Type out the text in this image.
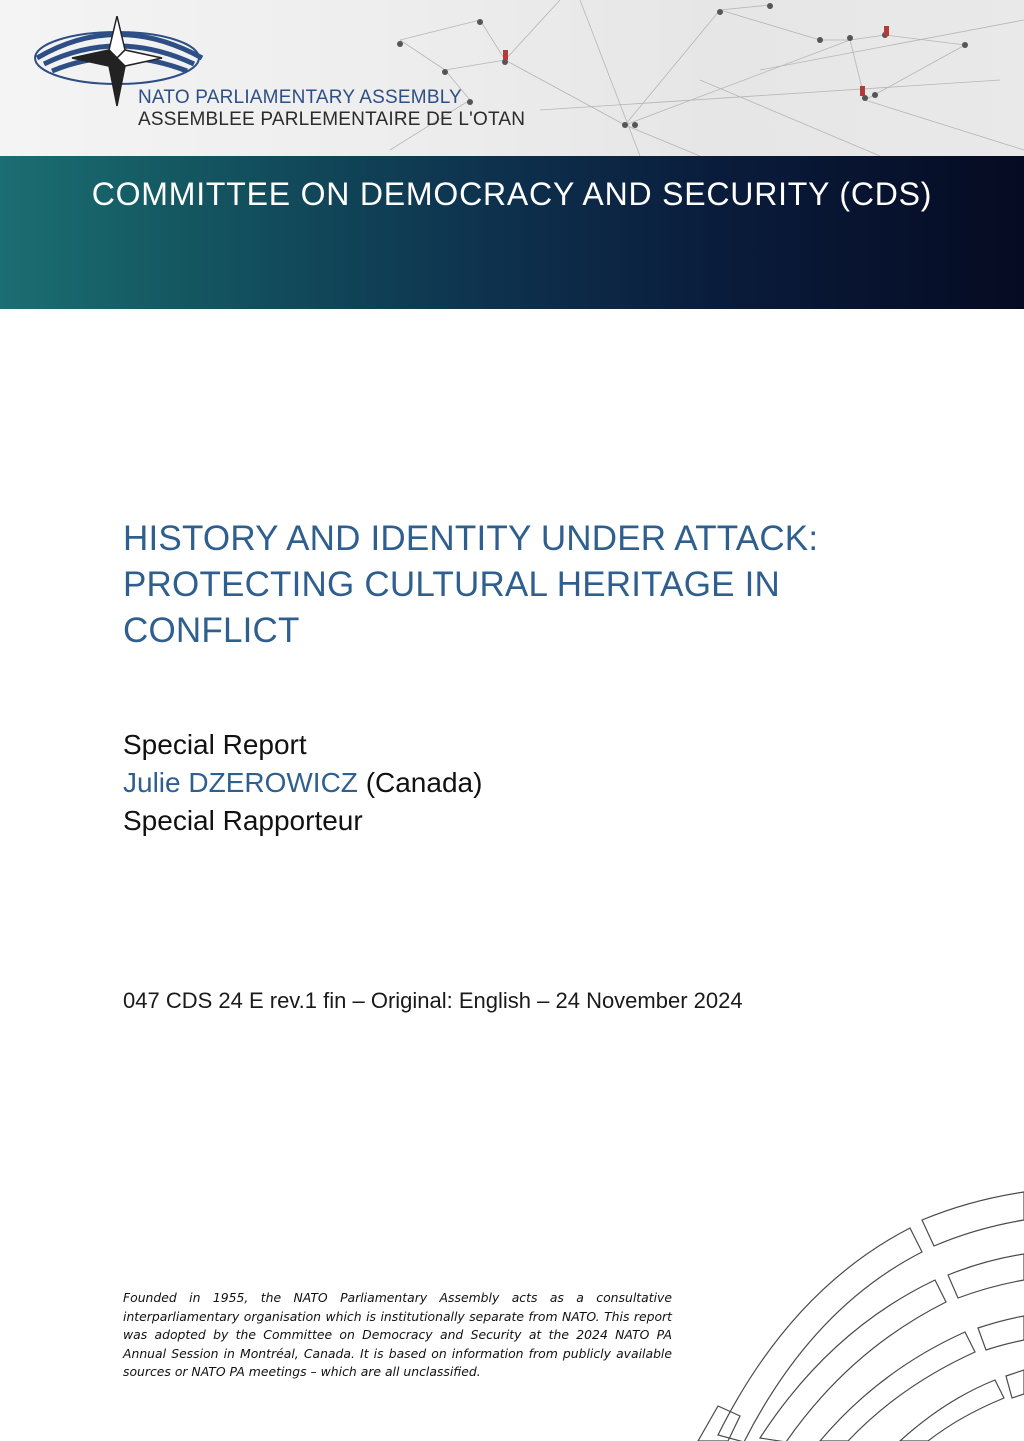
NATO PARLIAMENTARY ASSEMBLY
ASSEMBLEE PARLEMENTAIRE DE L'OTAN
COMMITTEE ON DEMOCRACY AND SECURITY (CDS)
HISTORY AND IDENTITY UNDER ATTACK:
PROTECTING CULTURAL HERITAGE IN
CONFLICT
Special Report
Julie DZEROWICZ (Canada)
Special Rapporteur
047 CDS 24 E rev.1 fin – Original: English – 24 November 2024
Founded in 1955, the NATO Parliamentary Assembly acts as a consultative interparliamentary organisation which is institutionally separate from NATO. This report was adopted by the Committee on Democracy and Security at the 2024 NATO PA Annual Session in Montréal, Canada. It is based on information from publicly available sources or NATO PA meetings – which are all unclassified.
